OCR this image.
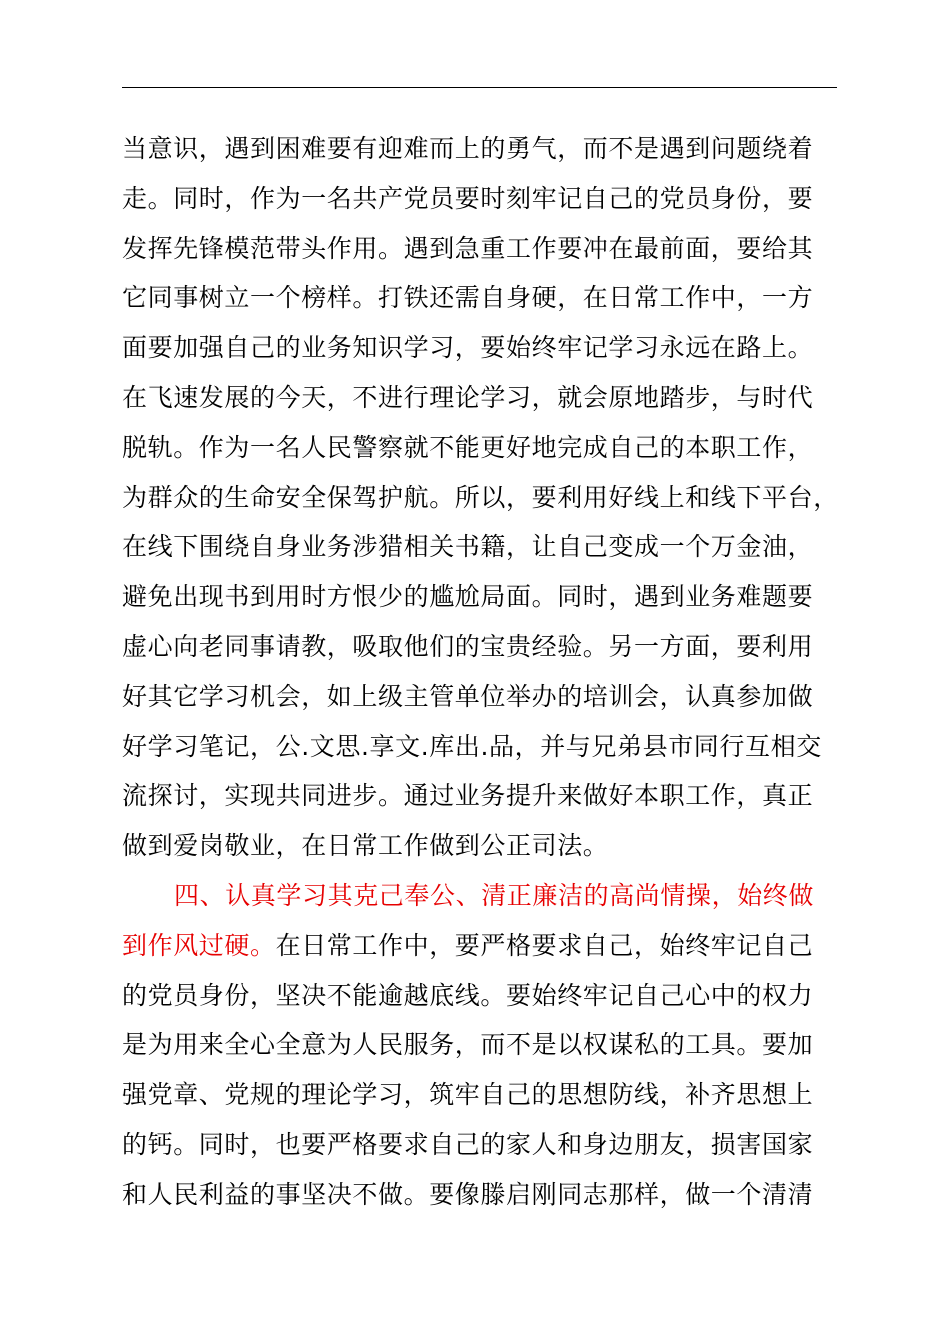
当意识，遇到困难要有迎难而上的勇气，而不是遇到问题绕着
走。同时，作为一名共产党员要时刻牢记自己的党员身份，要
发挥先锋模范带头作用。遇到急重工作要冲在最前面，要给其
它同事树立一个榜样。打铁还需自身硬，在日常工作中，一方
面要加强自己的业务知识学习，要始终牢记学习永远在路上。
在飞速发展的今天，不进行理论学习，就会原地踏步，与时代
脱轨。作为一名人民警察就不能更好地完成自己的本职工作，
为群众的生命安全保驾护航。所以，要利用好线上和线下平台，
在线下围绕自身业务涉猎相关书籍，让自己变成一个万金油，
避免出现书到用时方恨少的尴尬局面。同时，遇到业务难题要
虚心向老同事请教，吸取他们的宝贵经验。另一方面，要利用
好其它学习机会，如上级主管单位举办的培训会，认真参加做
好学习笔记，公.文思.享文.库出.品，并与兄弟县市同行互相交
流探讨，实现共同进步。通过业务提升来做好本职工作，真正
做到爱岗敬业，在日常工作做到公正司法。
四、认真学习其克己奉公、清正廉洁的高尚情操，始终做
到作风过硬。在日常工作中，要严格要求自己，始终牢记自己
的党员身份，坚决不能逾越底线。要始终牢记自己心中的权力
是为用来全心全意为人民服务，而不是以权谋私的工具。要加
强党章、党规的理论学习，筑牢自己的思想防线，补齐思想上
的钙。同时，也要严格要求自己的家人和身边朋友，损害国家
和人民利益的事坚决不做。要像滕启刚同志那样，做一个清清
